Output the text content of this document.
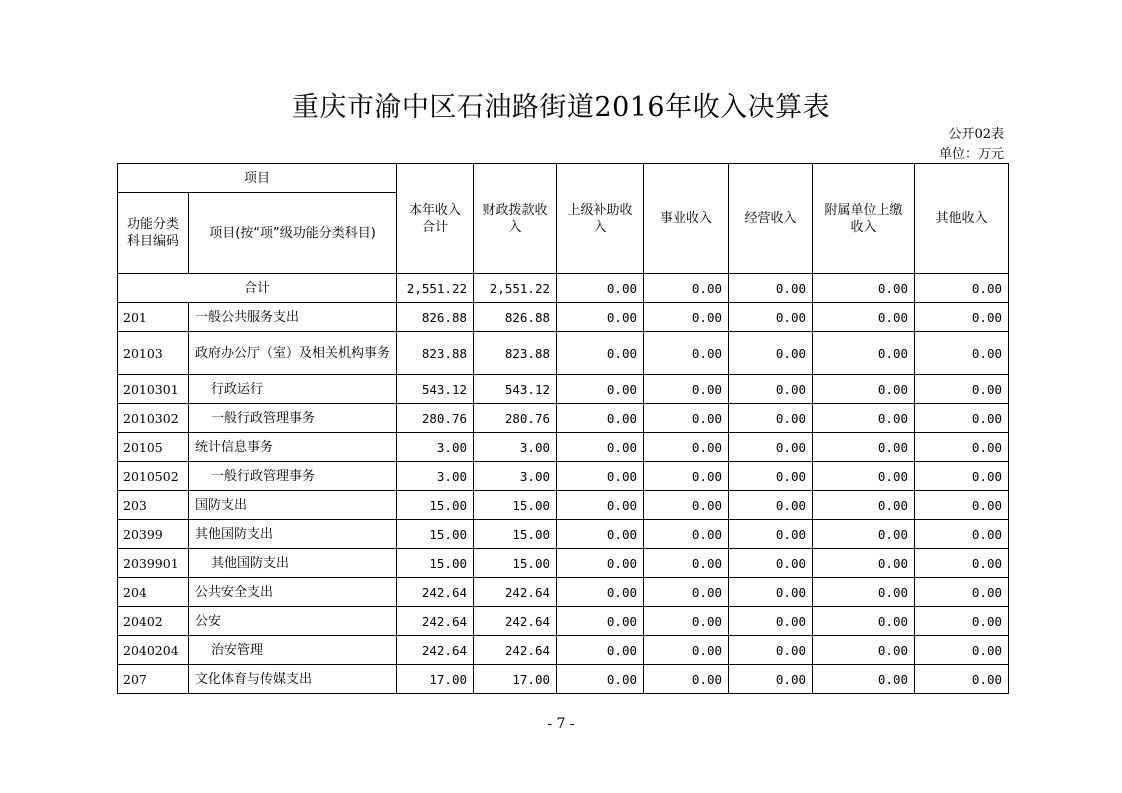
重庆市渝中区石油路街道2016年收入决算表
公开02表
单位：万元
项目		本年收入合计	财政拨款收入	上级补助收入	事业收入	经营收入	附属单位上缴收入	其他收入
功能分类科目编码	项目(按“项”级功能分类科目)							
合计		2,551.22	2,551.22	0.00	0.00	0.00	0.00	0.00
201	一般公共服务支出	826.88	826.88	0.00	0.00	0.00	0.00	0.00
20103	政府办公厅（室）及相关机构事务	823.88	823.88	0.00	0.00	0.00	0.00	0.00
2010301	行政运行	543.12	543.12	0.00	0.00	0.00	0.00	0.00
2010302	一般行政管理事务	280.76	280.76	0.00	0.00	0.00	0.00	0.00
20105	统计信息事务	3.00	3.00	0.00	0.00	0.00	0.00	0.00
2010502	一般行政管理事务	3.00	3.00	0.00	0.00	0.00	0.00	0.00
203	国防支出	15.00	15.00	0.00	0.00	0.00	0.00	0.00
20399	其他国防支出	15.00	15.00	0.00	0.00	0.00	0.00	0.00
2039901	其他国防支出	15.00	15.00	0.00	0.00	0.00	0.00	0.00
204	公共安全支出	242.64	242.64	0.00	0.00	0.00	0.00	0.00
20402	公安	242.64	242.64	0.00	0.00	0.00	0.00	0.00
2040204	治安管理	242.64	242.64	0.00	0.00	0.00	0.00	0.00
207	文化体育与传媒支出	17.00	17.00	0.00	0.00	0.00	0.00	0.00
- 7 -
